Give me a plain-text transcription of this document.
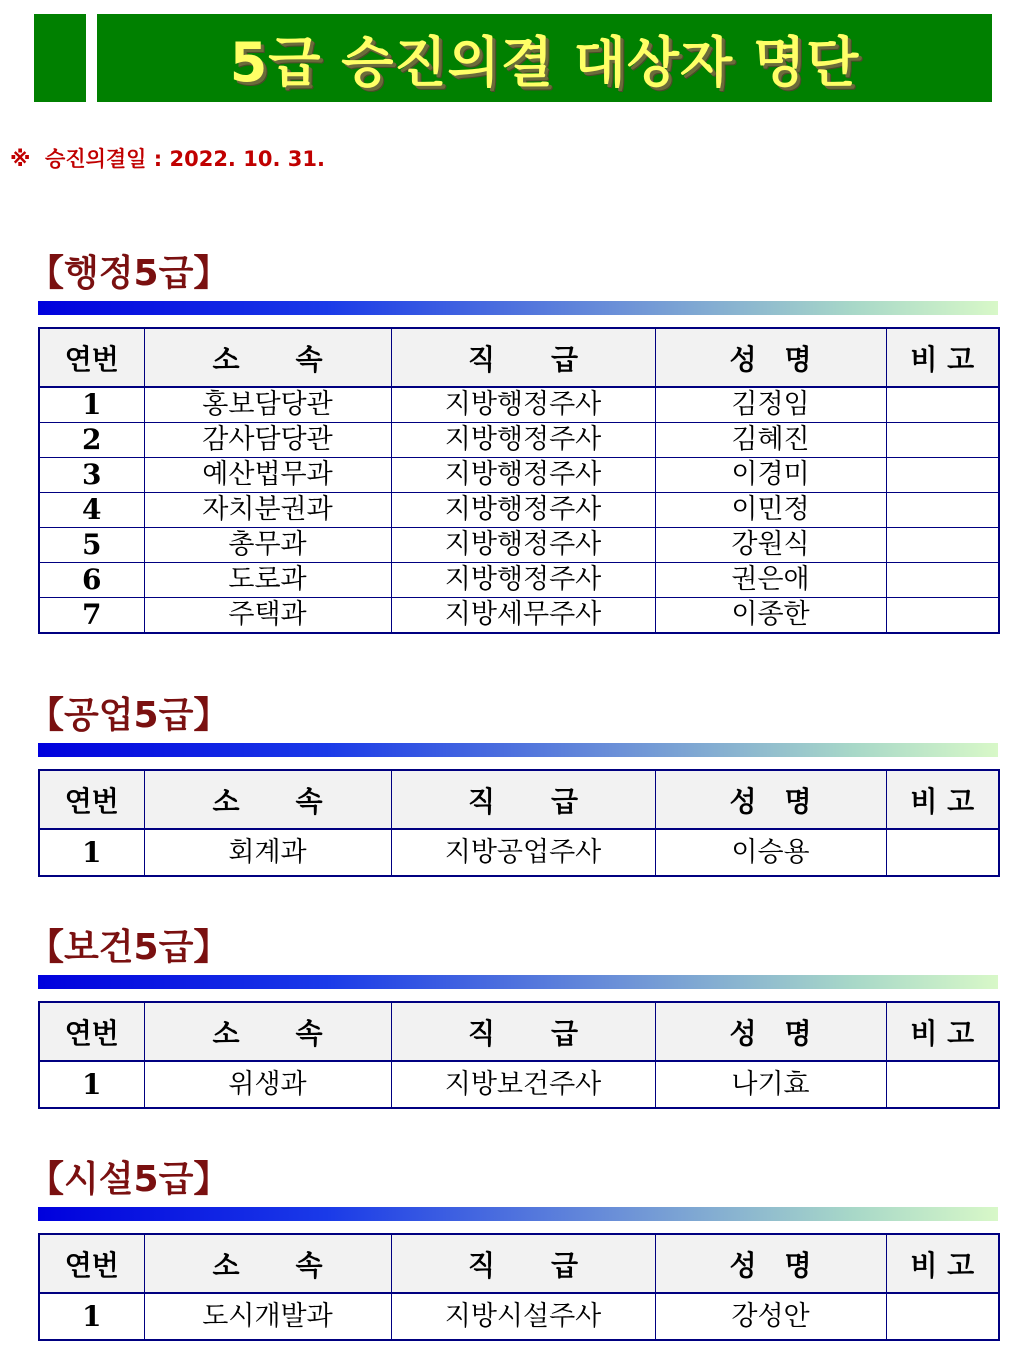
5급 승진의결 대상자 명단
※  승진의결일 : 2022. 10. 31.
【행정5급】
연번	소　　속	직　　급	성　명	비 고
1	홍보담당관	지방행정주사	김정임	
2	감사담당관	지방행정주사	김혜진	
3	예산법무과	지방행정주사	이경미	
4	자치분권과	지방행정주사	이민정	
5	총무과	지방행정주사	강원식	
6	도로과	지방행정주사	권은애	
7	주택과	지방세무주사	이종한	
【공업5급】
연번	소　　속	직　　급	성　명	비 고
1	회계과	지방공업주사	이승용	
【보건5급】
연번	소　　속	직　　급	성　명	비 고
1	위생과	지방보건주사	나기효	
【시설5급】
연번	소　　속	직　　급	성　명	비 고
1	도시개발과	지방시설주사	강성안	
